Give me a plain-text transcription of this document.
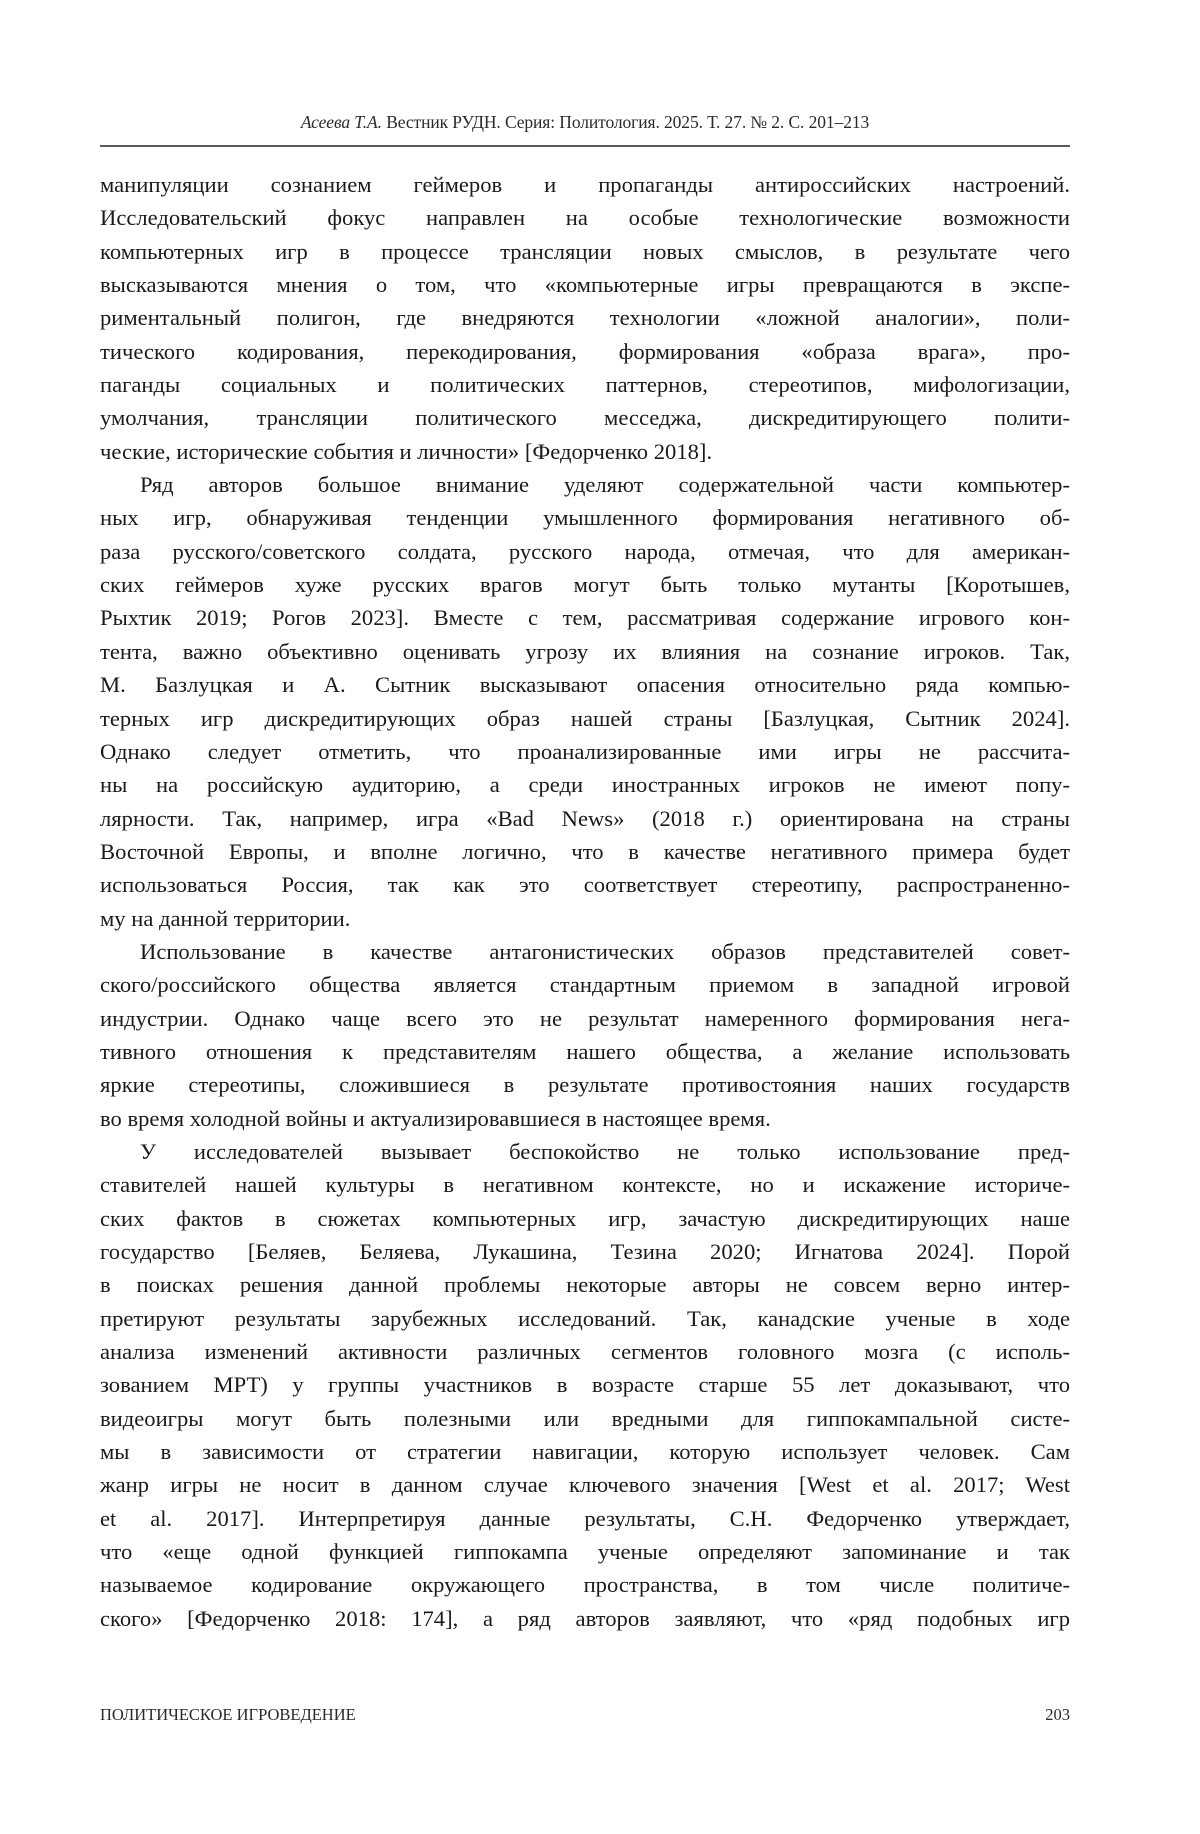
Асеева Т.А. Вестник РУДН. Серия: Политология. 2025. Т. 27. № 2. С. 201–213
манипуляции сознанием геймеров и пропаганды антироссийских настроений.
Исследовательский фокус направлен на особые технологические возможности
компьютерных игр в процессе трансляции новых смыслов, в результате чего
высказываются мнения о том, что «компьютерные игры превращаются в экспе-
риментальный полигон, где внедряются технологии «ложной аналогии», поли-
тического кодирования, перекодирования, формирования «образа врага», про-
паганды социальных и политических паттернов, стереотипов, мифологизации,
умолчания, трансляции политического месседжа, дискредитирующего полити-
ческие, исторические события и личности» [Федорченко 2018].
Ряд авторов большое внимание уделяют содержательной части компьютер-
ных игр, обнаруживая тенденции умышленного формирования негативного об-
раза русского/советского солдата, русского народа, отмечая, что для американ-
ских геймеров хуже русских врагов могут быть только мутанты [Коротышев,
Рыхтик 2019; Рогов 2023]. Вместе с тем, рассматривая содержание игрового кон-
тента, важно объективно оценивать угрозу их влияния на сознание игроков. Так,
М. Базлуцкая и А. Сытник высказывают опасения относительно ряда компью-
терных игр дискредитирующих образ нашей страны [Базлуцкая, Сытник 2024].
Однако следует отметить, что проанализированные ими игры не рассчита-
ны на российскую аудиторию, а среди иностранных игроков не имеют попу-
лярности. Так, например, игра «Bad News» (2018 г.) ориентирована на страны
Восточной Европы, и вполне логично, что в качестве негативного примера будет
использоваться Россия, так как это соответствует стереотипу, распространенно-
му на данной территории.
Использование в качестве антагонистических образов представителей совет-
ского/российского общества является стандартным приемом в западной игровой
индустрии. Однако чаще всего это не результат намеренного формирования нега-
тивного отношения к представителям нашего общества, а желание использовать
яркие стереотипы, сложившиеся в результате противостояния наших государств
во время холодной войны и актуализировавшиеся в настоящее время.
У исследователей вызывает беспокойство не только использование пред-
ставителей нашей культуры в негативном контексте, но и искажение историче-
ских фактов в сюжетах компьютерных игр, зачастую дискредитирующих наше
государство [Беляев, Беляева, Лукашина, Тезина 2020; Игнатова 2024]. Порой
в поисках решения данной проблемы некоторые авторы не совсем верно интер-
претируют результаты зарубежных исследований. Так, канадские ученые в ходе
анализа изменений активности различных сегментов головного мозга (с исполь-
зованием МРТ) у группы участников в возрасте старше 55 лет доказывают, что
видеоигры могут быть полезными или вредными для гиппокампальной систе-
мы в зависимости от стратегии навигации, которую использует человек. Сам
жанр игры не носит в данном случае ключевого значения [West et al. 2017; West
et al. 2017]. Интерпретируя данные результаты, С.Н. Федорченко утверждает,
что «еще одной функцией гиппокампа ученые определяют запоминание и так
называемое кодирование окружающего пространства, в том числе политиче-
ского» [Федорченко 2018: 174], а ряд авторов заявляют, что «ряд подобных игр
ПОЛИТИЧЕСКОЕ ИГРОВЕДЕНИЕ	203
